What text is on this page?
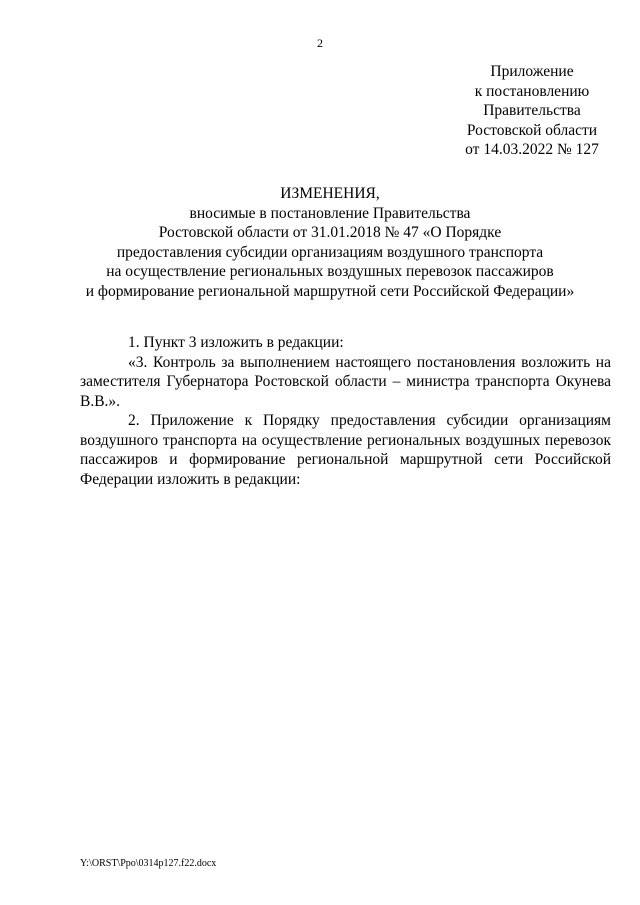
2
Приложение
к постановлению
Правительства
Ростовской области
от 14.03.2022 № 127
ИЗМЕНЕНИЯ,
вносимые в постановление Правительства
Ростовской области от 31.01.2018 № 47 «О Порядке
предоставления субсидии организациям воздушного транспорта
на осуществление региональных воздушных перевозок пассажиров
и формирование региональной маршрутной сети Российской Федерации»

1. Пункт 3 изложить в редакции:

«3. Контроль за выполнением настоящего постановления возложить на заместителя Губернатора Ростовской области – министра транспорта Окунева В.В.».

2. Приложение к Порядку предоставления субсидии организациям воздушного транспорта на осуществление региональных воздушных перевозок пассажиров и формирование региональной маршрутной сети Российской Федерации изложить в редакции:

Y:\ORST\Ppo\0314p127.f22.docx
